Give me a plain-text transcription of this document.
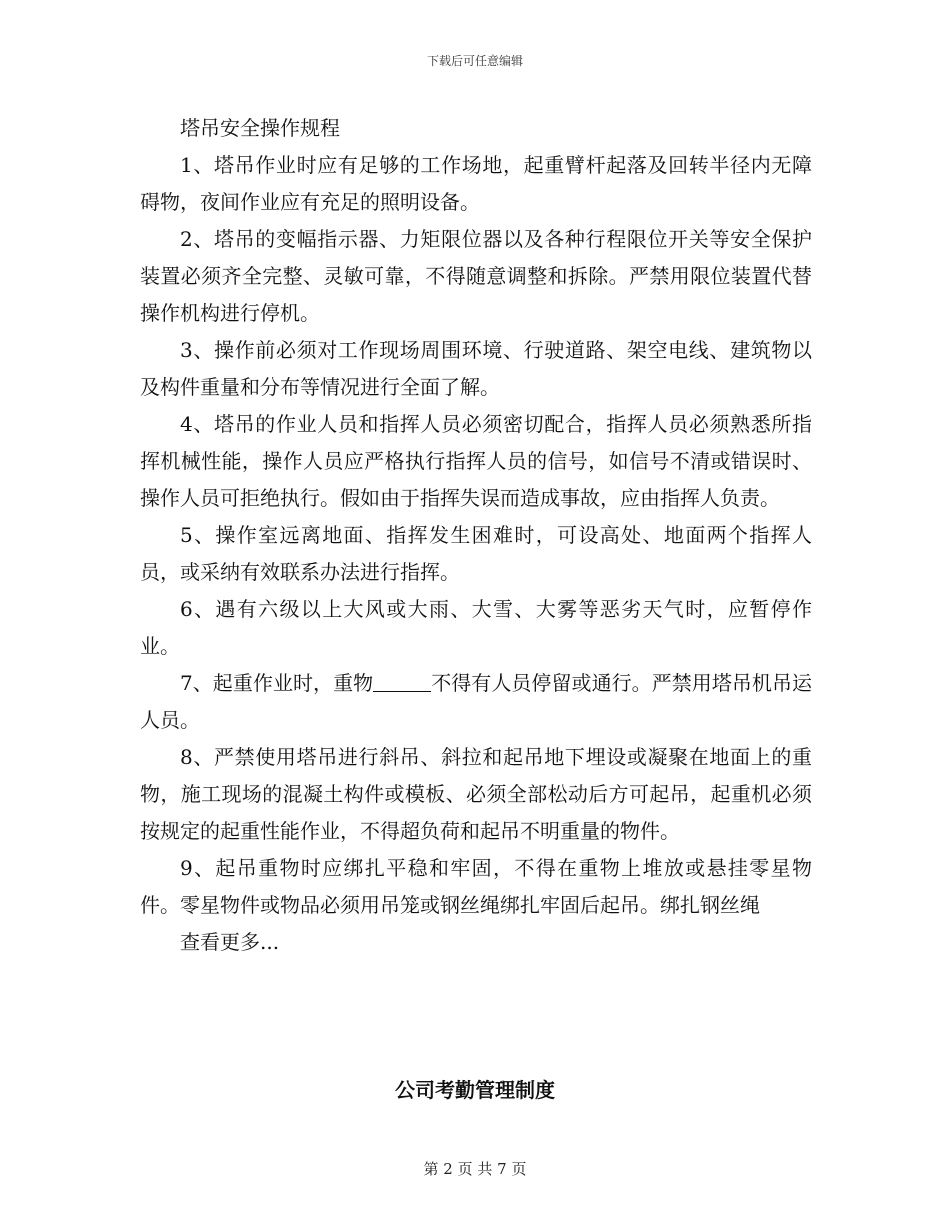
下载后可任意编辑

塔吊安全操作规程

1、塔吊作业时应有足够的工作场地，起重臂杆起落及回转半径内无障碍物，夜间作业应有充足的照明设备。

2、塔吊的变幅指示器、力矩限位器以及各种行程限位开关等安全保护装置必须齐全完整、灵敏可靠，不得随意调整和拆除。严禁用限位装置代替操作机构进行停机。

3、操作前必须对工作现场周围环境、行驶道路、架空电线、建筑物以及构件重量和分布等情况进行全面了解。

4、塔吊的作业人员和指挥人员必须密切配合，指挥人员必须熟悉所指挥机械性能，操作人员应严格执行指挥人员的信号，如信号不清或错误时、操作人员可拒绝执行。假如由于指挥失误而造成事故，应由指挥人负责。

5、操作室远离地面、指挥发生困难时，可设高处、地面两个指挥人员，或采纳有效联系办法进行指挥。

6、遇有六级以上大风或大雨、大雪、大雾等恶劣天气时，应暂停作业。

7、起重作业时，重物	不得有人员停留或通行。严禁用塔吊机吊运人员。

8、严禁使用塔吊进行斜吊、斜拉和起吊地下埋设或凝聚在地面上的重物，施工现场的混凝土构件或模板、必须全部松动后方可起吊，起重机必须按规定的起重性能作业，不得超负荷和起吊不明重量的物件。

9、起吊重物时应绑扎平稳和牢固，不得在重物上堆放或悬挂零星物件。零星物件或物品必须用吊笼或钢丝绳绑扎牢固后起吊。绑扎钢丝绳

查看更多...

公司考勤管理制度
第 2 页 共 7 页
